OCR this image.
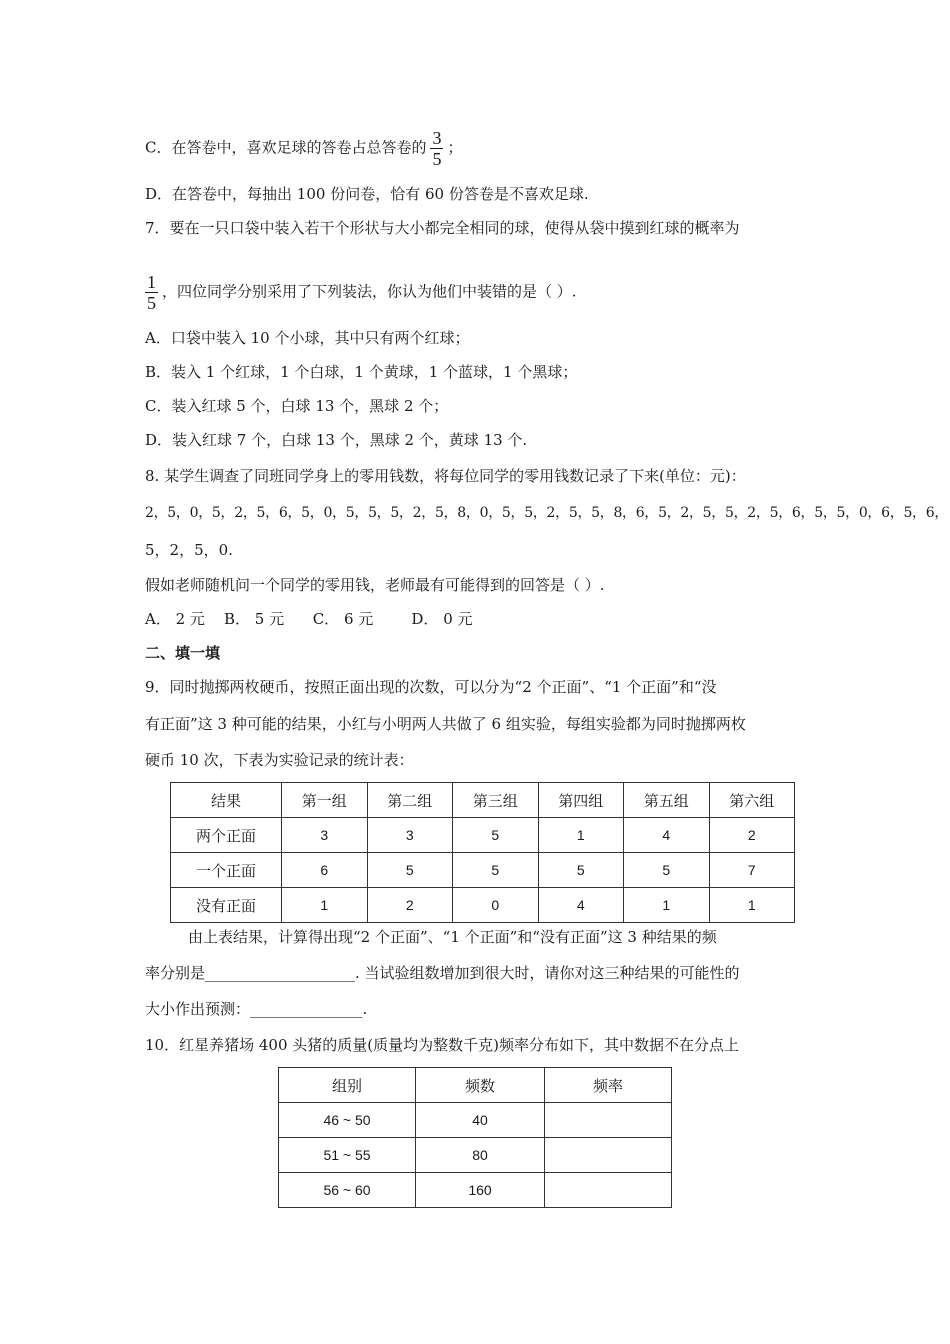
C．在答卷中，喜欢足球的答卷占总答卷的 $\frac{3}{5}$ ；
D．在答卷中，每抽出 100 份问卷，恰有 60 份答卷是不喜欢足球.
7．要在一只口袋中装入若干个形状与大小都完全相同的球，使得从袋中摸到红球的概率为
$\frac{1}{5}$ ，四位同学分别采用了下列装法，你认为他们中装错的是（ ）.
A．口袋中装入 10 个小球，其中只有两个红球；
B．装入 1 个红球，1 个白球，1 个黄球，1 个蓝球，1 个黑球；
C．装入红球 5 个，白球 13 个，黑球 2 个；
D．装入红球 7 个，白球 13 个，黑球 2 个，黄球 13 个.
8. 某学生调查了同班同学身上的零用钱数，将每位同学的零用钱数记录了下来(单位：元)：
2，5，0，5，2，5，6，5，0，5，5，5，2，5，8，0，5，5，2，5，5，8，6，5，2，5，5，2，5，6，5，5，0，6，5，6，
5，2，5，0.
假如老师随机问一个同学的零用钱，老师最有可能得到的回答是（ ）.
A． 2 元    B． 5 元      C． 6 元        D． 0 元
二、填一填
9．同时抛掷两枚硬币，按照正面出现的次数，可以分为“2 个正面”、“1 个正面”和“没
有正面”这 3 种可能的结果，小红与小明两人共做了 6 组实验，每组实验都为同时抛掷两枚
硬币 10 次，下表为实验记录的统计表：
结果	第一组	第二组	第三组	第四组	第五组	第六组
两个正面	3	3	5	1	4	2
一个正面	6	5	5	5	5	7
没有正面	1	2	0	4	1	1
由上表结果，计算得出现“2 个正面”、“1 个正面”和“没有正面”这 3 种结果的频
率分别是____________________. 当试验组数增加到很大时，请你对这三种结果的可能性的
大小作出预测：_______________.
10．红星养猪场 400 头猪的质量(质量均为整数千克)频率分布如下，其中数据不在分点上
组别	频数	频率
46 ~ 50	40	
51 ~ 55	80	
56 ~ 60	160	
